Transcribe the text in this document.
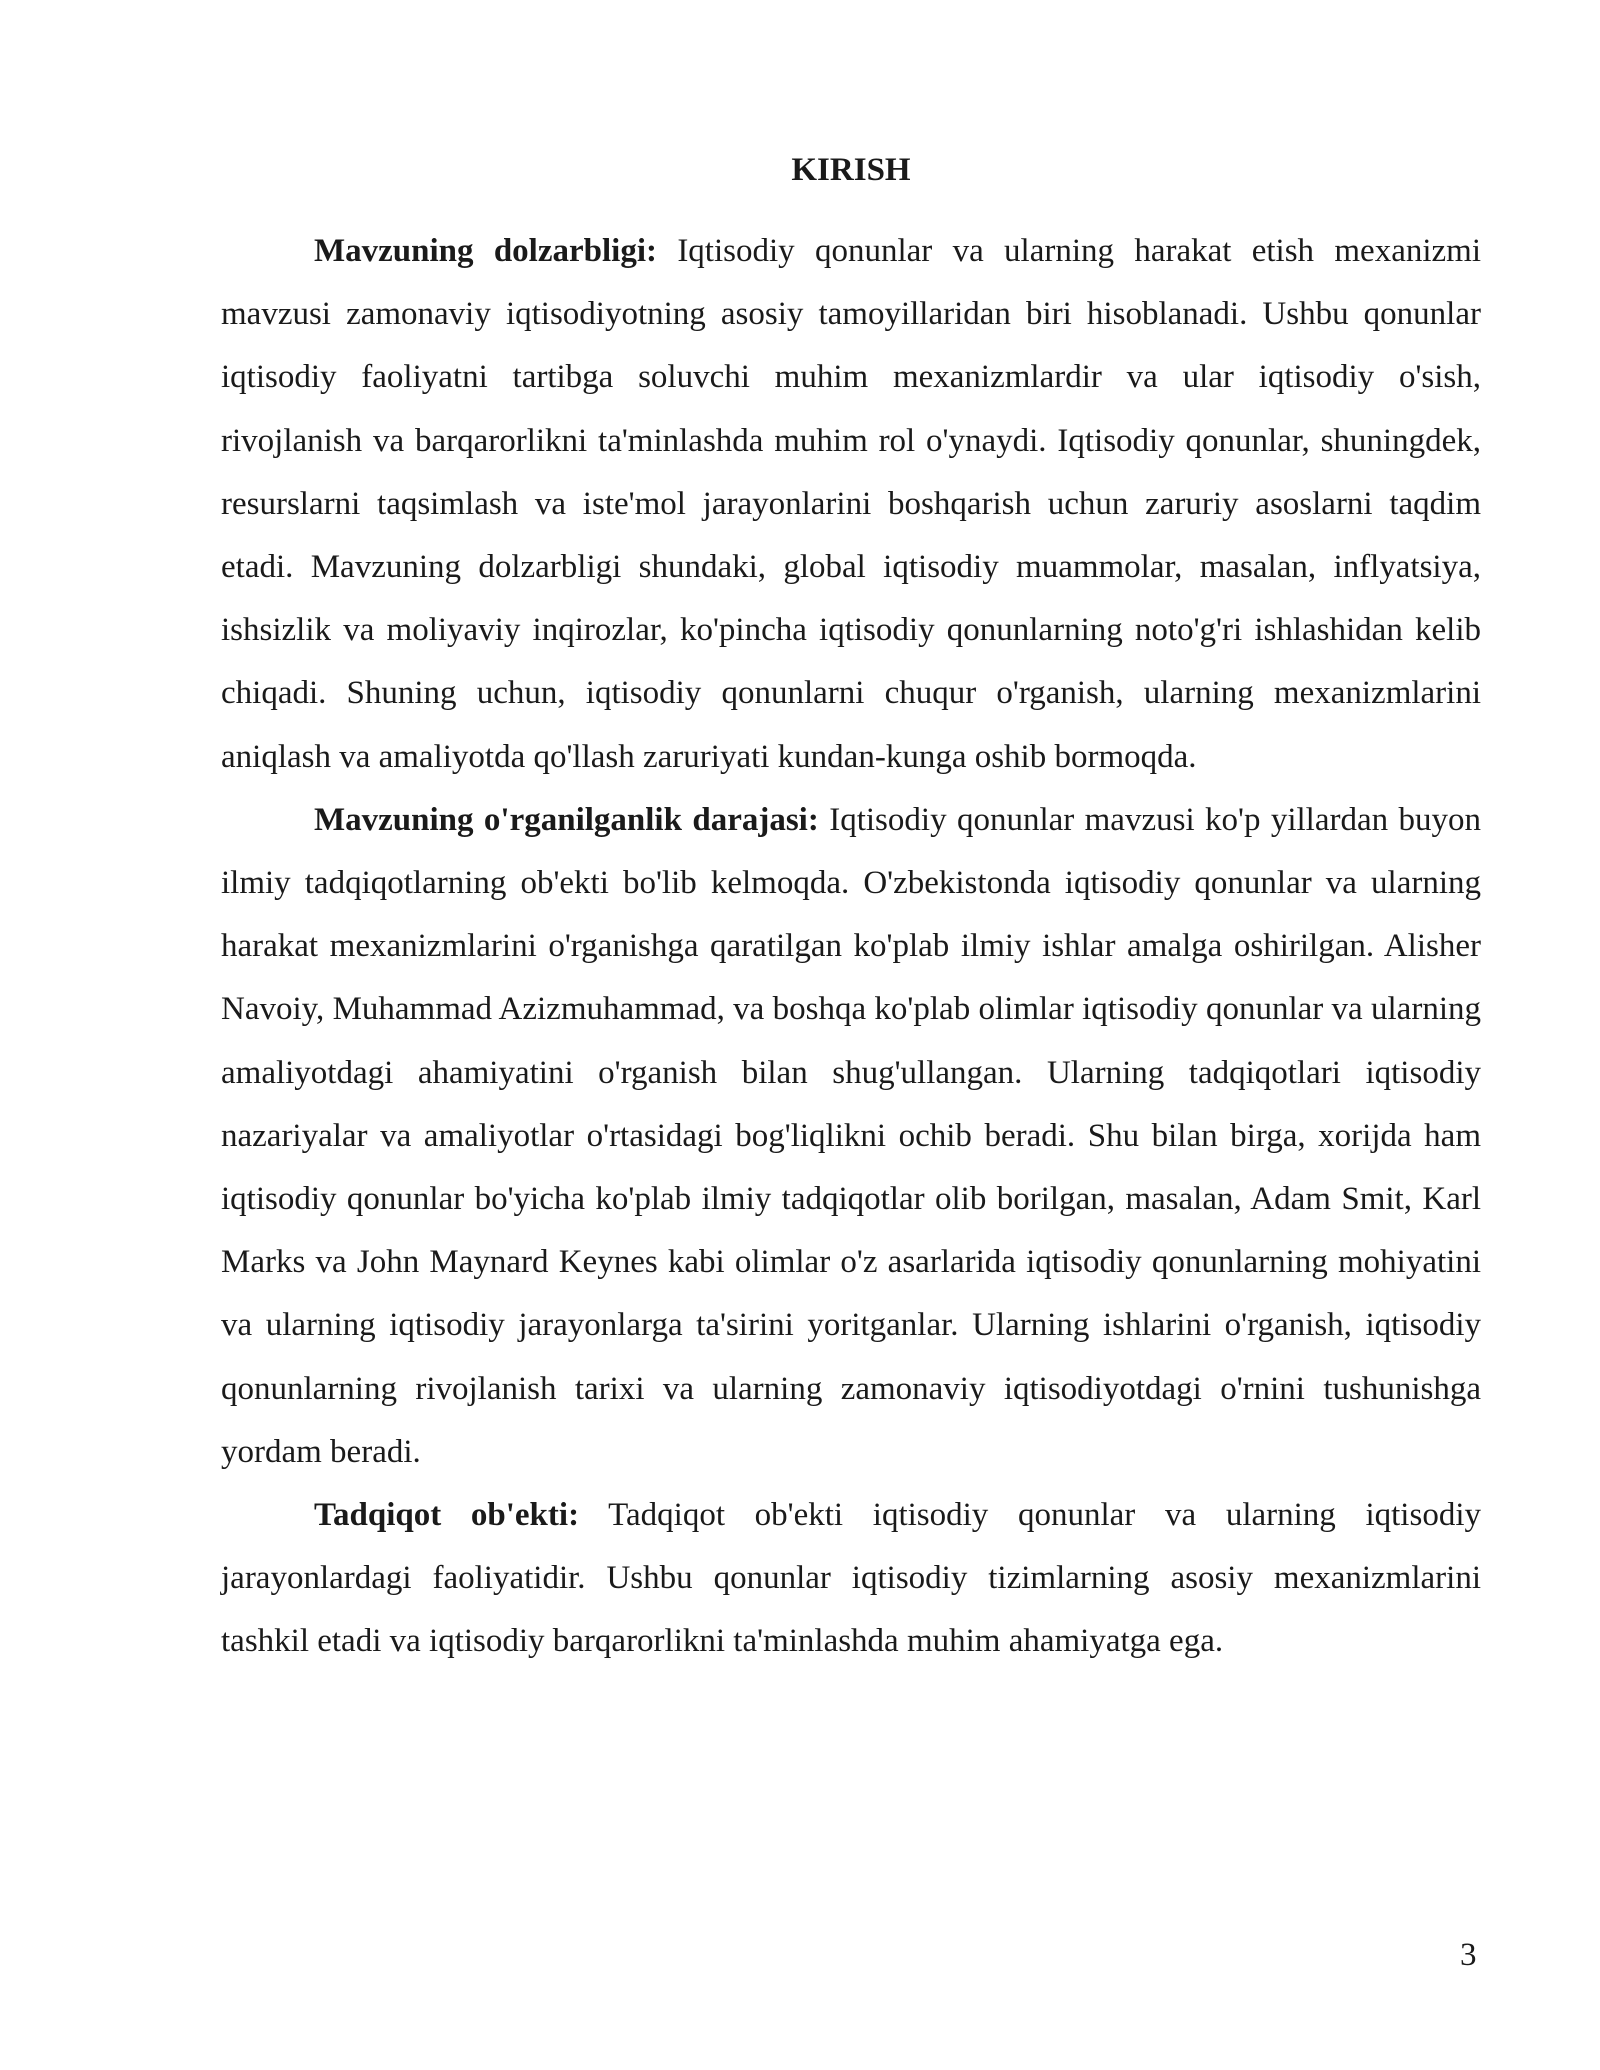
KIRISH

Mavzuning dolzarbligi: Iqtisodiy qonunlar va ularning harakat etish mexanizmi mavzusi zamonaviy iqtisodiyotning asosiy tamoyillaridan biri hisoblanadi. Ushbu qonunlar iqtisodiy faoliyatni tartibga soluvchi muhim mexanizmlardir va ular iqtisodiy o'sish, rivojlanish va barqarorlikni ta'minlashda muhim rol o'ynaydi. Iqtisodiy qonunlar, shuningdek, resurslarni taqsimlash va iste'mol jarayonlarini boshqarish uchun zaruriy asoslarni taqdim etadi. Mavzuning dolzarbligi shundaki, global iqtisodiy muammolar, masalan, inflyatsiya, ishsizlik va moliyaviy inqirozlar, ko'pincha iqtisodiy qonunlarning noto'g'ri ishlashidan kelib chiqadi. Shuning uchun, iqtisodiy qonunlarni chuqur o'rganish, ularning mexanizmlarini aniqlash va amaliyotda qo'llash zaruriyati kundan-kunga oshib bormoqda.

Mavzuning o'rganilganlik darajasi: Iqtisodiy qonunlar mavzusi ko'p yillardan buyon ilmiy tadqiqotlarning ob'ekti bo'lib kelmoqda. O'zbekistonda iqtisodiy qonunlar va ularning harakat mexanizmlarini o'rganishga qaratilgan ko'plab ilmiy ishlar amalga oshirilgan. Alisher Navoiy, Muhammad Azizmuhammad, va boshqa ko'plab olimlar iqtisodiy qonunlar va ularning amaliyotdagi ahamiyatini o'rganish bilan shug'ullangan. Ularning tadqiqotlari iqtisodiy nazariyalar va amaliyotlar o'rtasidagi bog'liqlikni ochib beradi. Shu bilan birga, xorijda ham iqtisodiy qonunlar bo'yicha ko'plab ilmiy tadqiqotlar olib borilgan, masalan, Adam Smit, Karl Marks va John Maynard Keynes kabi olimlar o'z asarlarida iqtisodiy qonunlarning mohiyatini va ularning iqtisodiy jarayonlarga ta'sirini yoritganlar. Ularning ishlarini o'rganish, iqtisodiy qonunlarning rivojlanish tarixi va ularning zamonaviy iqtisodiyotdagi o'rnini tushunishga yordam beradi.

Tadqiqot ob'ekti: Tadqiqot ob'ekti iqtisodiy qonunlar va ularning iqtisodiy jarayonlardagi faoliyatidir. Ushbu qonunlar iqtisodiy tizimlarning asosiy mexanizmlarini tashkil etadi va iqtisodiy barqarorlikni ta'minlashda muhim ahamiyatga ega.

3
